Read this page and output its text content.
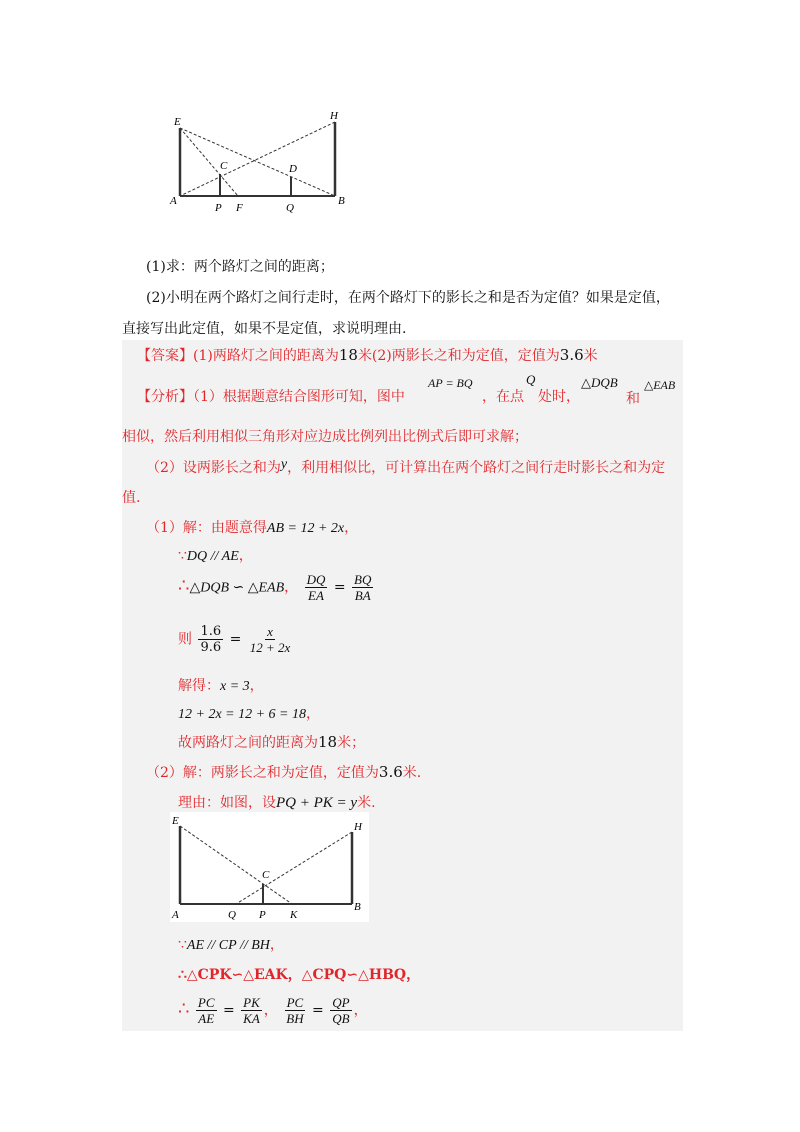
E	H
C	D
A
P F	Q
B
(1)求：两个路灯之间的距离；
(2)小明在两个路灯之间行走时，在两个路灯下的影长之和是否为定值？如果是定值，
直接写出此定值，如果不是定值，求说明理由.
【答案】(1)两路灯之间的距离为18米(2)两影长之和为定值，定值为3.6米
【分析】（1）根据题意结合图形可知，图中
AP = BQ
，在点
Q
处时，
△DQB
和
△EAB
相似，然后利用相似三角形对应边成比例列出比例式后即可求解；
（2）设两影长之和为y，利用相似比，可计算出在两个路灯之间行走时影长之和为定
值.
（1）解：由题意得AB = 12 + 2x，
∵DQ // AE，
∴△DQB ∽ △EAB， $\frac{DQ}{EA} = \frac{BQ}{BA}$
则 $\frac{1.6}{9.6} = \frac{x}{12 + 2x}$
解得：x = 3，
12 + 2x = 12 + 6 = 18，
故两路灯之间的距离为18米；
（2）解：两影长之和为定值，定值为3.6米.
理由：如图，设PQ + PK = y米.
E	H
C
A	Q P K
B
∵AE // CP // BH，
∴△CPK∽△EAK，△CPQ∽△HBQ，
∴ $\frac{PC}{AE} = \frac{PK}{KA}$ ， $\frac{PC}{BH} = \frac{QP}{QB}$ ，
